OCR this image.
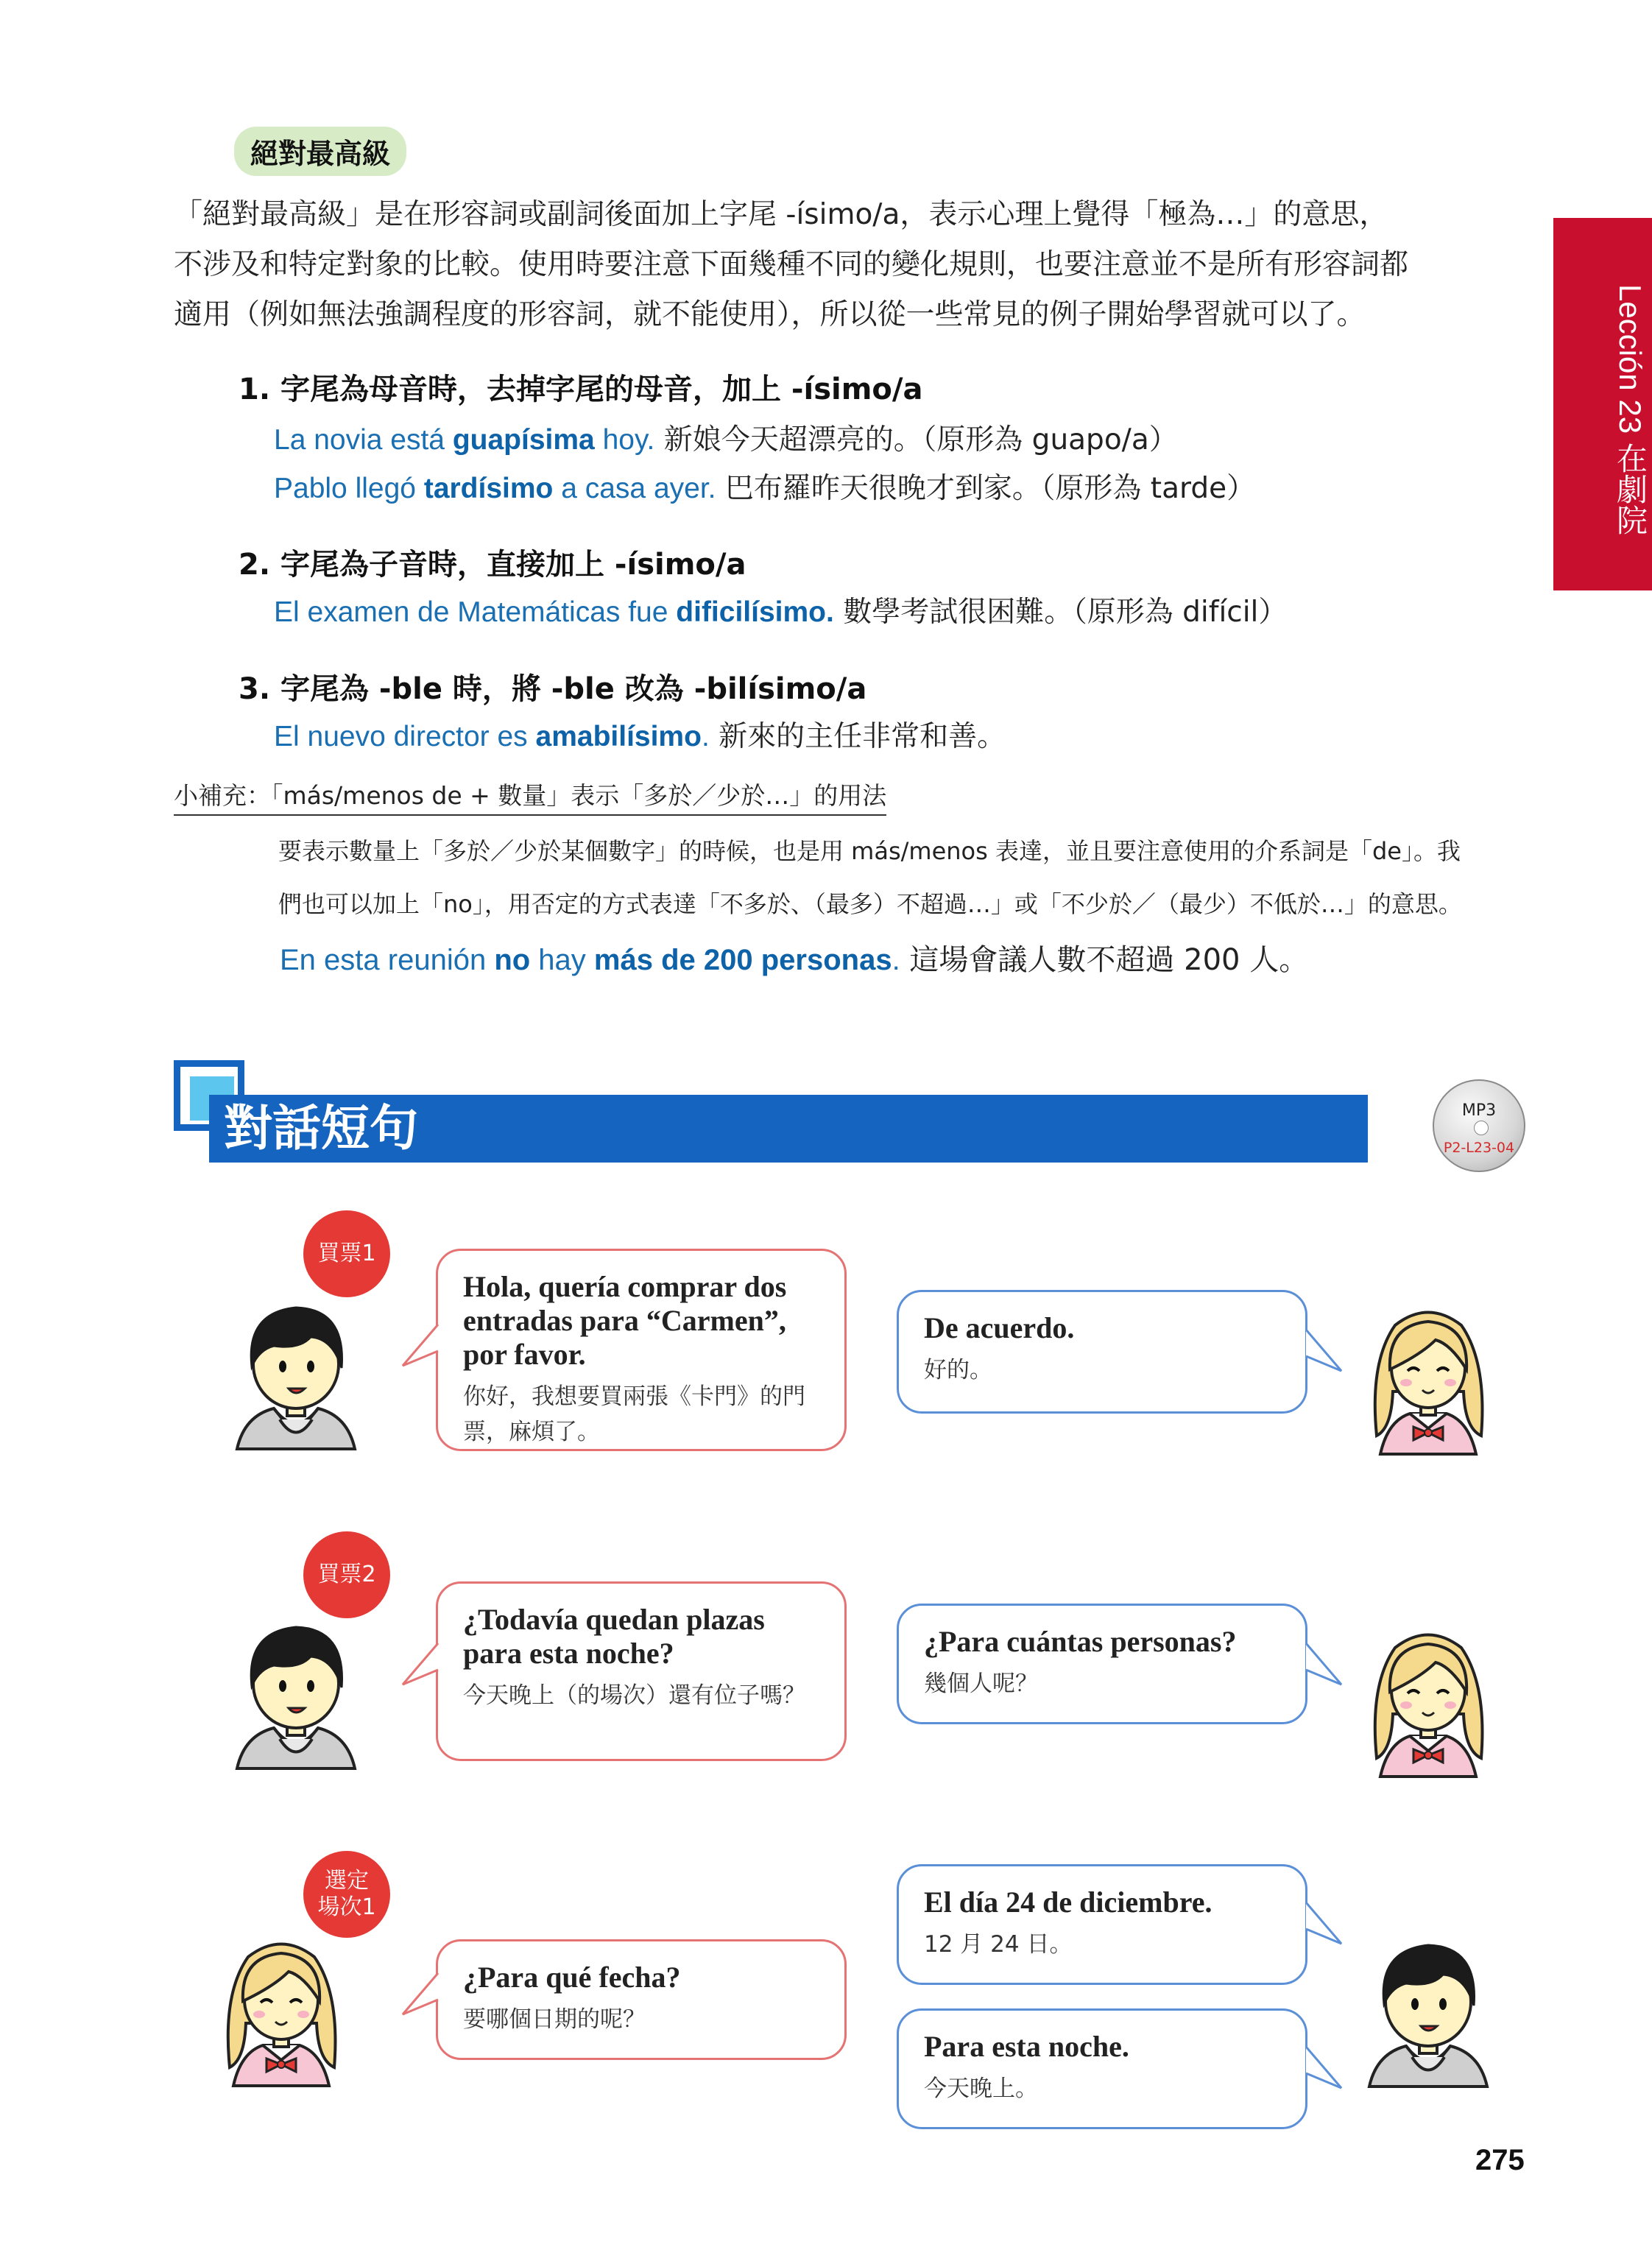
絕對最高級

「絕對最高級」是在形容詞或副詞後面加上字尾 -ísimo/a，表示心理上覺得「極為…」的意思，

不涉及和特定對象的比較。使用時要注意下面幾種不同的變化規則，也要注意並不是所有形容詞都

適用（例如無法強調程度的形容詞，就不能使用），所以從一些常見的例子開始學習就可以了。

1. 字尾為母音時，去掉字尾的母音，加上 -ísimo/a
La novia está guapísima hoy. 新娘今天超漂亮的。（原形為 guapo/a）
Pablo llegó tardísimo a casa ayer. 巴布羅昨天很晚才到家。（原形為 tarde）
2. 字尾為子音時，直接加上 -ísimo/a
El examen de Matemáticas fue dificilísimo. 數學考試很困難。（原形為 difícil）
3. 字尾為 -ble 時，將 -ble 改為 -bilísimo/a
El nuevo director es amabilísimo. 新來的主任非常和善。
小補充：「más/menos de + 數量」表示「多於／少於…」的用法

要表示數量上「多於／少於某個數字」的時候，也是用 más/menos 表達，並且要注意使用的介系詞是「de」。我

們也可以加上「no」，用否定的方式表達「不多於、（最多）不超過…」或「不少於／（最少）不低於…」的意思。

En esta reunión no hay más de 200 personas. 這場會議人數不超過 200 人。
Lección 23 在劇院
對話短句	MP3
P2-L23-04
買票1
Hola, quería comprar dos entradas para “Carmen”, por favor.
你好，我想要買兩張《卡門》的門票，麻煩了。
De acuerdo.
好的。
買票2
¿Todavía quedan plazas para esta noche?
今天晚上（的場次）還有位子嗎？
¿Para cuántas personas?
幾個人呢？
選定
場次1
¿Para qué fecha?
要哪個日期的呢？
El día 24 de diciembre.
12 月 24 日。
Para esta noche.
今天晚上。
275
